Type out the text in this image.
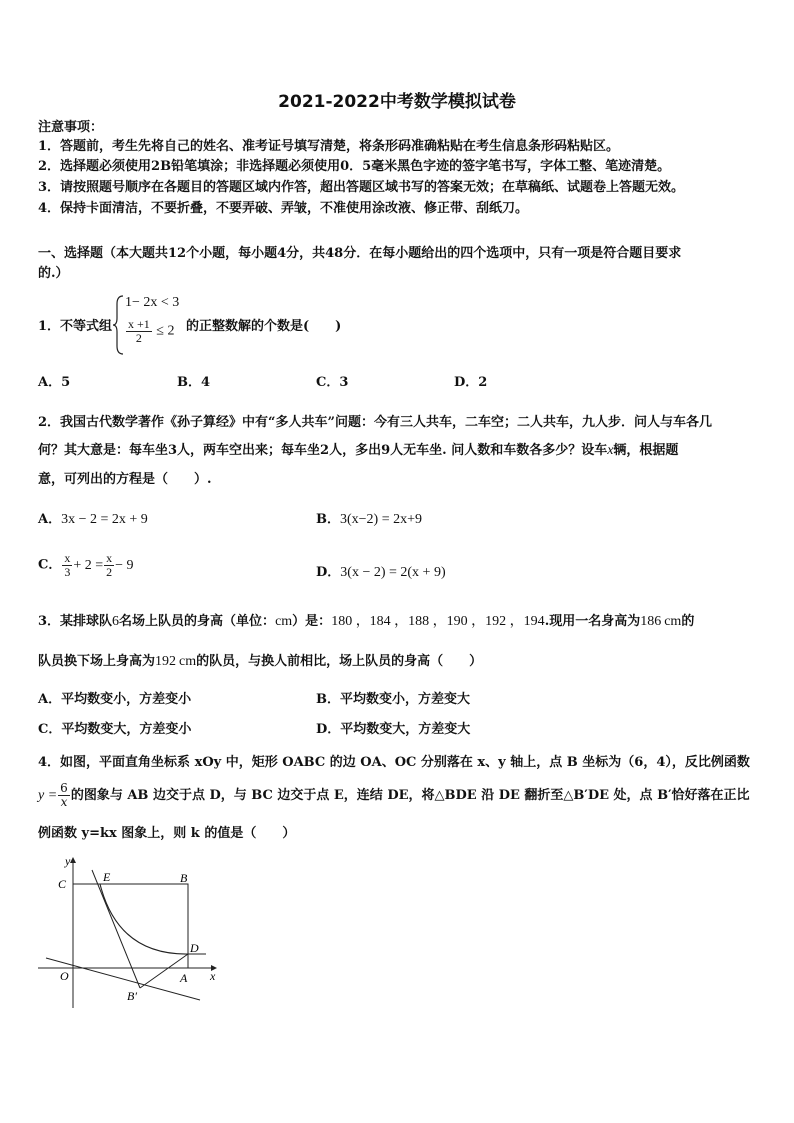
2021-2022中考数学模拟试卷
注意事项：
1．答题前，考生先将自己的姓名、准考证号填写清楚，将条形码准确粘贴在考生信息条形码粘贴区。
2．选择题必须使用2B铅笔填涂；非选择题必须使用0．5毫米黑色字迹的签字笔书写，字体工整、笔迹清楚。
3．请按照题号顺序在各题目的答题区域内作答，超出答题区域书写的答案无效；在草稿纸、试题卷上答题无效。
4．保持卡面清洁，不要折叠，不要弄破、弄皱，不准使用涂改液、修正带、刮纸刀。
一、选择题（本大题共12个小题，每小题4分，共48分．在每小题给出的四个选项中，只有一项是符合题目要求
的.）
1．不等式组
1− 2x < 3
$\frac{x +1}{2} \le 2$ 的正整数解的个数是(　　)
A．5	B．4	C．3	D．2
2．我国古代数学著作《孙子算经》中有“多人共车”问题：今有三人共车，二车空；二人共车，九人步．问人与车各几
何？其大意是：每车坐3人，两车空出来；每车坐2人，多出9人无车坐. 问人数和车数各多少？设车x辆，根据题
意，可列出的方程是（　　）.
A．3x − 2 = 2x + 9	B．3(x−2) = 2x+9
C． $\frac{x}{3} + 2 = \frac{x}{2} - 9$	D．3(x − 2) = 2(x + 9)
3．某排球队6名场上队员的身高（单位：cm）是：180 ，184 ，188 ，190 ，192 ，194.现用一名身高为186 cm的
队员换下场上身高为192 cm的队员，与换人前相比，场上队员的身高（　　）
A．平均数变小，方差变小	B．平均数变小，方差变大
C．平均数变大，方差变小	D．平均数变大，方差变大
4．如图，平面直角坐标系 xOy 中，矩形 OABC 的边 OA、OC 分别落在 x、y 轴上，点 B 坐标为（6，4），反比例函数
$y = \frac{6}{x}$ 的图象与 AB 边交于点 D，与 BC 边交于点 E，连结 DE，将△BDE 沿 DE 翻折至△B′DE 处，点 B′恰好落在正比
例函数 y=kx 图象上，则 k 的值是（　　）
y
x
O	A
B
C
D
E
B′
